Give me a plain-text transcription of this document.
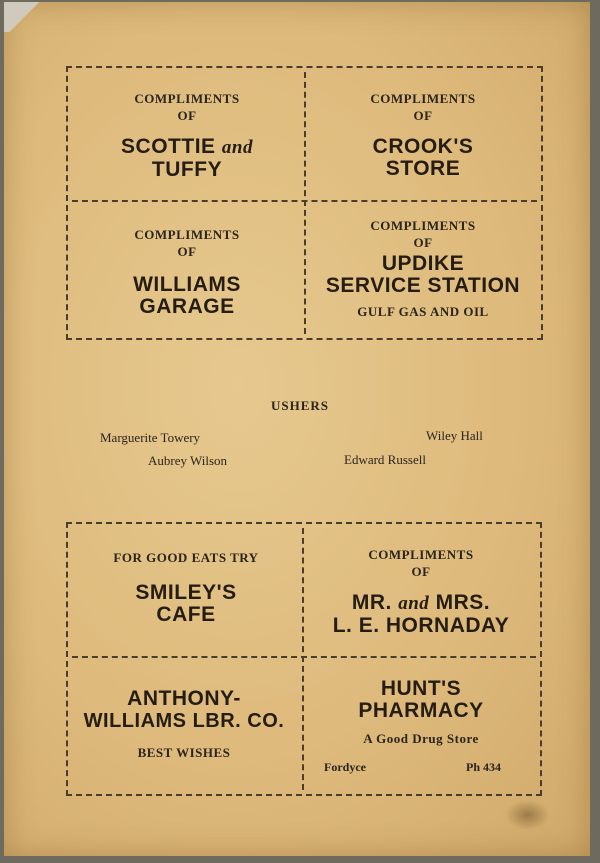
COMPLIMENTS
OF
SCOTTIE and
TUFFY
COMPLIMENTS
OF
CROOK'S
STORE
COMPLIMENTS
OF
WILLIAMS
GARAGE
COMPLIMENTS
OF
UPDIKE
SERVICE STATION
GULF GAS AND OIL
USHERS
Marguerite Towery	Wiley Hall
Aubrey Wilson	Edward Russell
FOR GOOD EATS TRY
SMILEY'S
CAFE
COMPLIMENTS
OF
MR. and MRS.
L. E. HORNADAY
ANTHONY-
WILLIAMS LBR. CO.
BEST WISHES
HUNT'S
PHARMACY
A Good Drug Store
Fordyce	Ph 434
